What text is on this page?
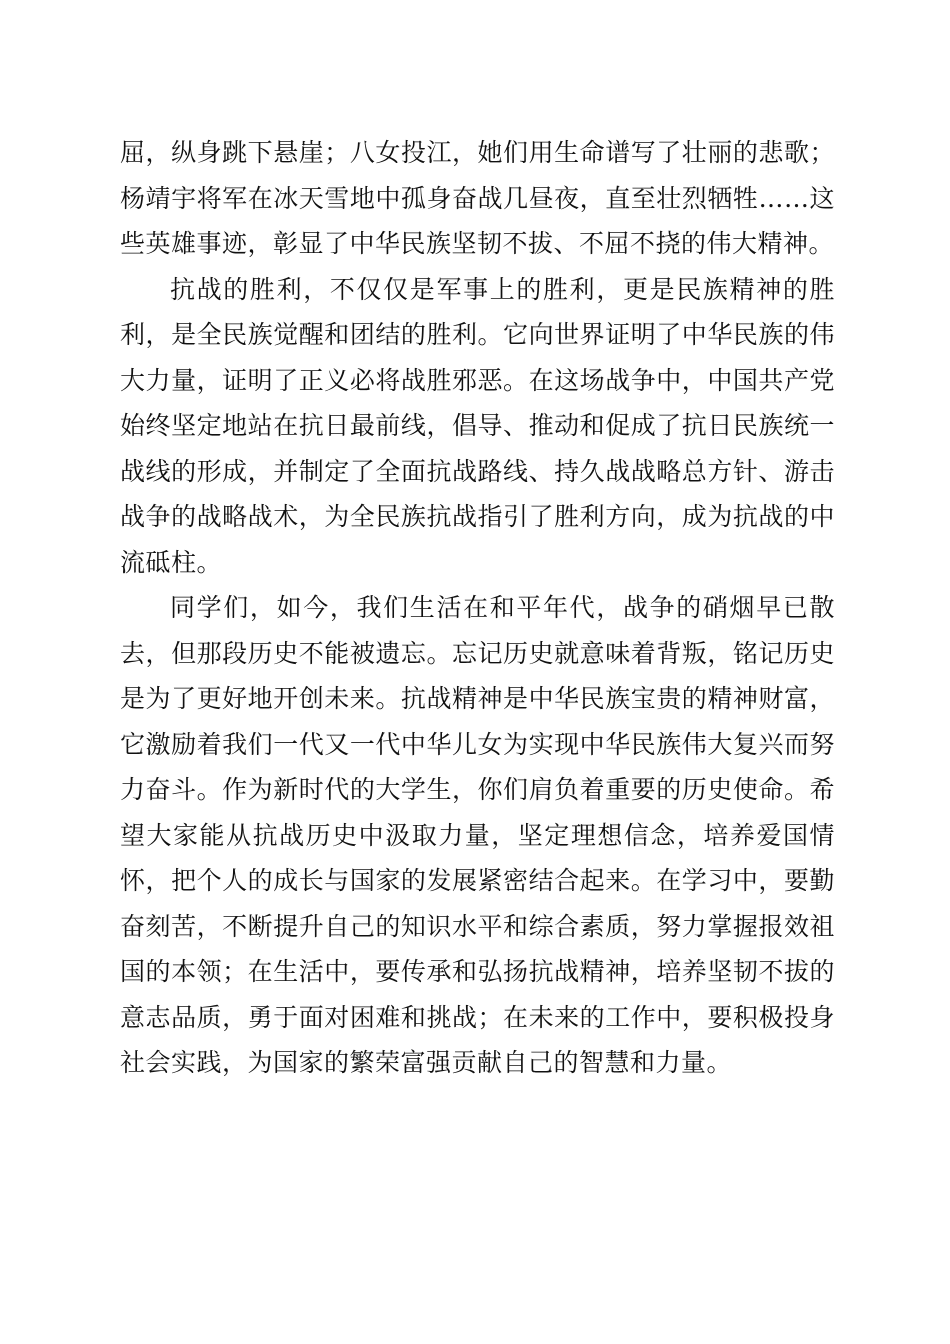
屈，纵身跳下悬崖；八女投江，她们用生命谱写了壮丽的悲歌；杨靖宇将军在冰天雪地中孤身奋战几昼夜，直至壮烈牺牲……这些英雄事迹，彰显了中华民族坚韧不拔、不屈不挠的伟大精神。

抗战的胜利，不仅仅是军事上的胜利，更是民族精神的胜利，是全民族觉醒和团结的胜利。它向世界证明了中华民族的伟大力量，证明了正义必将战胜邪恶。在这场战争中，中国共产党始终坚定地站在抗日最前线，倡导、推动和促成了抗日民族统一战线的形成，并制定了全面抗战路线、持久战战略总方针、游击战争的战略战术，为全民族抗战指引了胜利方向，成为抗战的中流砥柱。

同学们，如今，我们生活在和平年代，战争的硝烟早已散去，但那段历史不能被遗忘。忘记历史就意味着背叛，铭记历史是为了更好地开创未来。抗战精神是中华民族宝贵的精神财富，它激励着我们一代又一代中华儿女为实现中华民族伟大复兴而努力奋斗。作为新时代的大学生，你们肩负着重要的历史使命。希望大家能从抗战历史中汲取力量，坚定理想信念，培养爱国情怀，把个人的成长与国家的发展紧密结合起来。在学习中，要勤奋刻苦，不断提升自己的知识水平和综合素质，努力掌握报效祖国的本领；在生活中，要传承和弘扬抗战精神，培养坚韧不拔的意志品质，勇于面对困难和挑战；在未来的工作中，要积极投身社会实践，为国家的繁荣富强贡献自己的智慧和力量。
